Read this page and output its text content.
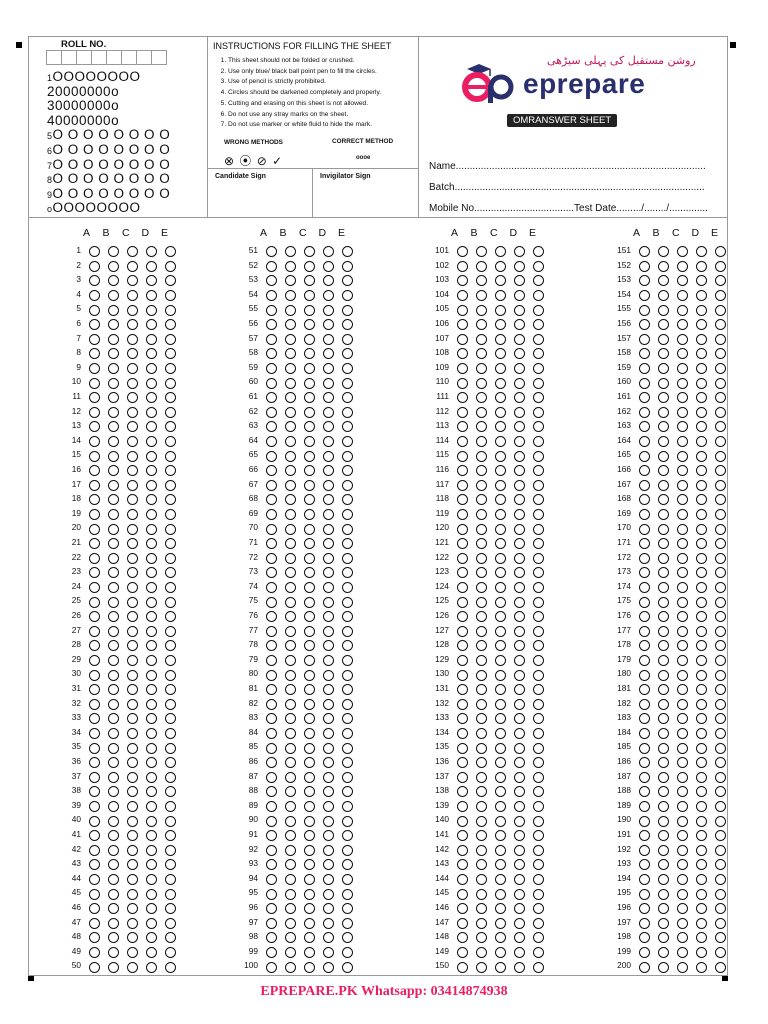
ROLL NO.
1OOOOOOOO
20000000o
30000000o
40000000o
5O O O O O O O O
6O O O O O O O O
7O O O O O O O O
8O O O O O O O O
9O O O O O O O O
oOOOOOOOO
INSTRUCTIONS FOR FILLING THE SHEET
1. This sheet should not be folded or crushed.
2. Use only blue/ black ball point pen to fill the circles.
3. Use of pencil is strictly prohibited.
4. Circles should be darkened completely and properly.
5. Cutting and erasing on this sheet is not allowed.
6. Do not use any stray marks on the sheet.
7. Do not use marker or white fluid to hide the mark.
WRONG METHODS	CORRECT METHOD
⊗ ⦿ ⊘ ✓	oooe
Candidate Sign	Invigilator Sign
روشن مستقبل کی پہلی سیڑھی
eprepare
OMRANSWER SHEET
Name..........................................................................................
Batch..........................................................................................
Mobile No....................................Test Date........./......../..............
A B C D E
1
2
3
4
5
6
7
8
9
10
11
12
13
14
15
16
17
18
19
20
21
22
23
24
25
26
27
28
29
30
31
32
33
34
35
36
37
38
39
40
41
42
43
44
45
46
47
48
49
50
A B C D E
51
52
53
54
55
56
57
58
59
60
61
62
63
64
65
66
67
68
69
70
71
72
73
74
75
76
77
78
79
80
81
82
83
84
85
86
87
88
89
90
91
92
93
94
95
96
97
98
99
100
A B C D E
101
102
103
104
105
106
107
108
109
110
111
112
113
114
115
116
117
118
119
120
121
122
123
124
125
126
127
128
129
130
131
132
133
134
135
136
137
138
139
140
141
142
143
144
145
146
147
148
149
150
A B C D E
151
152
153
154
155
156
157
158
159
160
161
162
163
164
165
166
167
168
169
170
171
172
173
174
175
176
177
178
179
180
181
182
183
184
185
186
187
188
189
190
191
192
193
194
195
196
197
198
199
200
EPREPARE.PK Whatsapp: 03414874938
